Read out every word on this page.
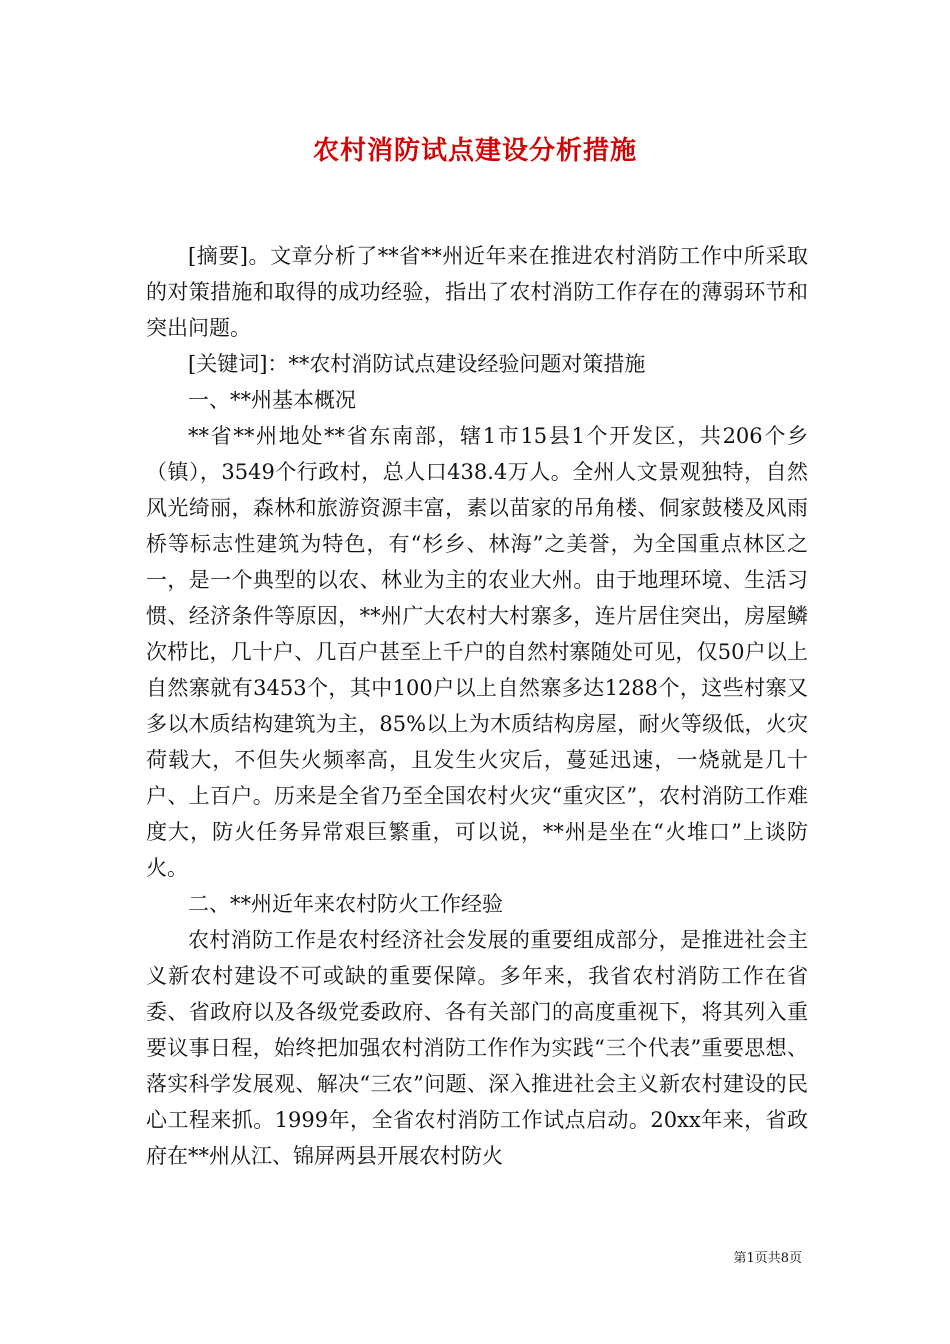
农村消防试点建设分析措施

[摘要]。文章分析了**省**州近年来在推进农村消防工作中所采取的对策措施和取得的成功经验，指出了农村消防工作存在的薄弱环节和突出问题。

[关键词]：**农村消防试点建设经验问题对策措施

一、**州基本概况

**省**州地处**省东南部，辖1市15县1个开发区，共206个乡（镇），3549个行政村，总人口438.4万人。全州人文景观独特，自然风光绮丽，森林和旅游资源丰富，素以苗家的吊角楼、侗家鼓楼及风雨桥等标志性建筑为特色，有“杉乡、林海”之美誉，为全国重点林区之一，是一个典型的以农、林业为主的农业大州。由于地理环境、生活习惯、经济条件等原因，**州广大农村大村寨多，连片居住突出，房屋鳞次栉比，几十户、几百户甚至上千户的自然村寨随处可见，仅50户以上自然寨就有3453个，其中100户以上自然寨多达1288个，这些村寨又多以木质结构建筑为主，85%以上为木质结构房屋，耐火等级低，火灾荷载大，不但失火频率高，且发生火灾后，蔓延迅速，一烧就是几十户、上百户。历来是全省乃至全国农村火灾“重灾区”，农村消防工作难度大，防火任务异常艰巨繁重，可以说，**州是坐在“火堆口”上谈防火。

二、**州近年来农村防火工作经验

农村消防工作是农村经济社会发展的重要组成部分，是推进社会主义新农村建设不可或缺的重要保障。多年来，我省农村消防工作在省委、省政府以及各级党委政府、各有关部门的高度重视下，将其列入重要议事日程，始终把加强农村消防工作作为实践“三个代表”重要思想、落实科学发展观、解决“三农”问题、深入推进社会主义新农村建设的民心工程来抓。1999年，全省农村消防工作试点启动。20xx年来，省政府在**州从江、锦屏两县开展农村防火

第1页共8页
